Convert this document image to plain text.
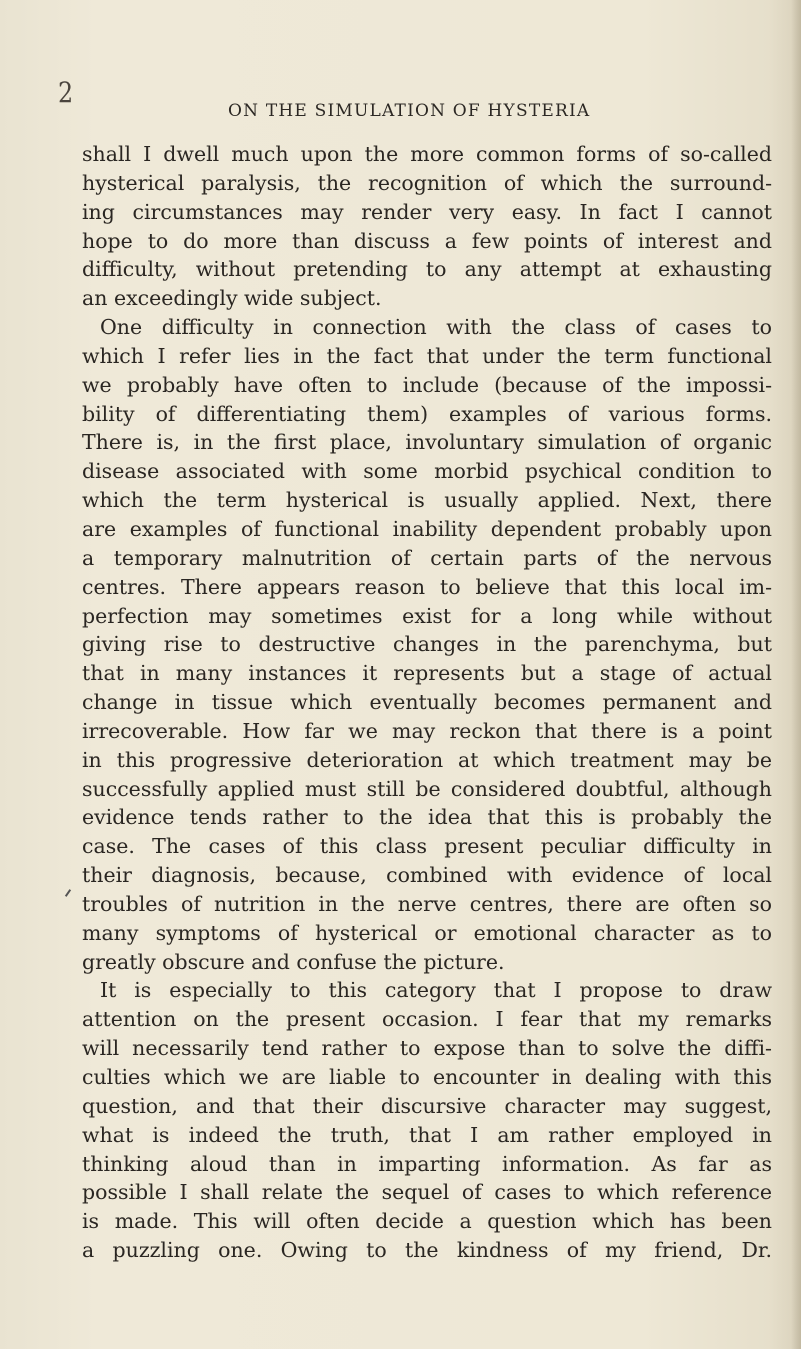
2
ON THE SIMULATION OF HYSTERIA
shall I dwell much upon the more common forms of so-called
hysterical paralysis, the recognition of which the surround-
ing circumstances may render very easy. In fact I cannot
hope to do more than discuss a few points of interest and
difficulty, without pretending to any attempt at exhausting
an exceedingly wide subject.
One difficulty in connection with the class of cases to
which I refer lies in the fact that under the term functional
we probably have often to include (because of the impossi-
bility of differentiating them) examples of various forms.
There is, in the first place, involuntary simulation of organic
disease associated with some morbid psychical condition to
which the term hysterical is usually applied. Next, there
are examples of functional inability dependent probably upon
a temporary malnutrition of certain parts of the nervous
centres. There appears reason to believe that this local im-
perfection may sometimes exist for a long while without
giving rise to destructive changes in the parenchyma, but
that in many instances it represents but a stage of actual
change in tissue which eventually becomes permanent and
irrecoverable. How far we may reckon that there is a point
in this progressive deterioration at which treatment may be
successfully applied must still be considered doubtful, although
evidence tends rather to the idea that this is probably the
case. The cases of this class present peculiar difficulty in
their diagnosis, because, combined with evidence of local
troubles of nutrition in the nerve centres, there are often so
many symptoms of hysterical or emotional character as to
greatly obscure and confuse the picture.
It is especially to this category that I propose to draw
attention on the present occasion. I fear that my remarks
will necessarily tend rather to expose than to solve the diffi-
culties which we are liable to encounter in dealing with this
question, and that their discursive character may suggest,
what is indeed the truth, that I am rather employed in
thinking aloud than in imparting information. As far as
possible I shall relate the sequel of cases to which reference
is made. This will often decide a question which has been
a puzzling one. Owing to the kindness of my friend, Dr.
